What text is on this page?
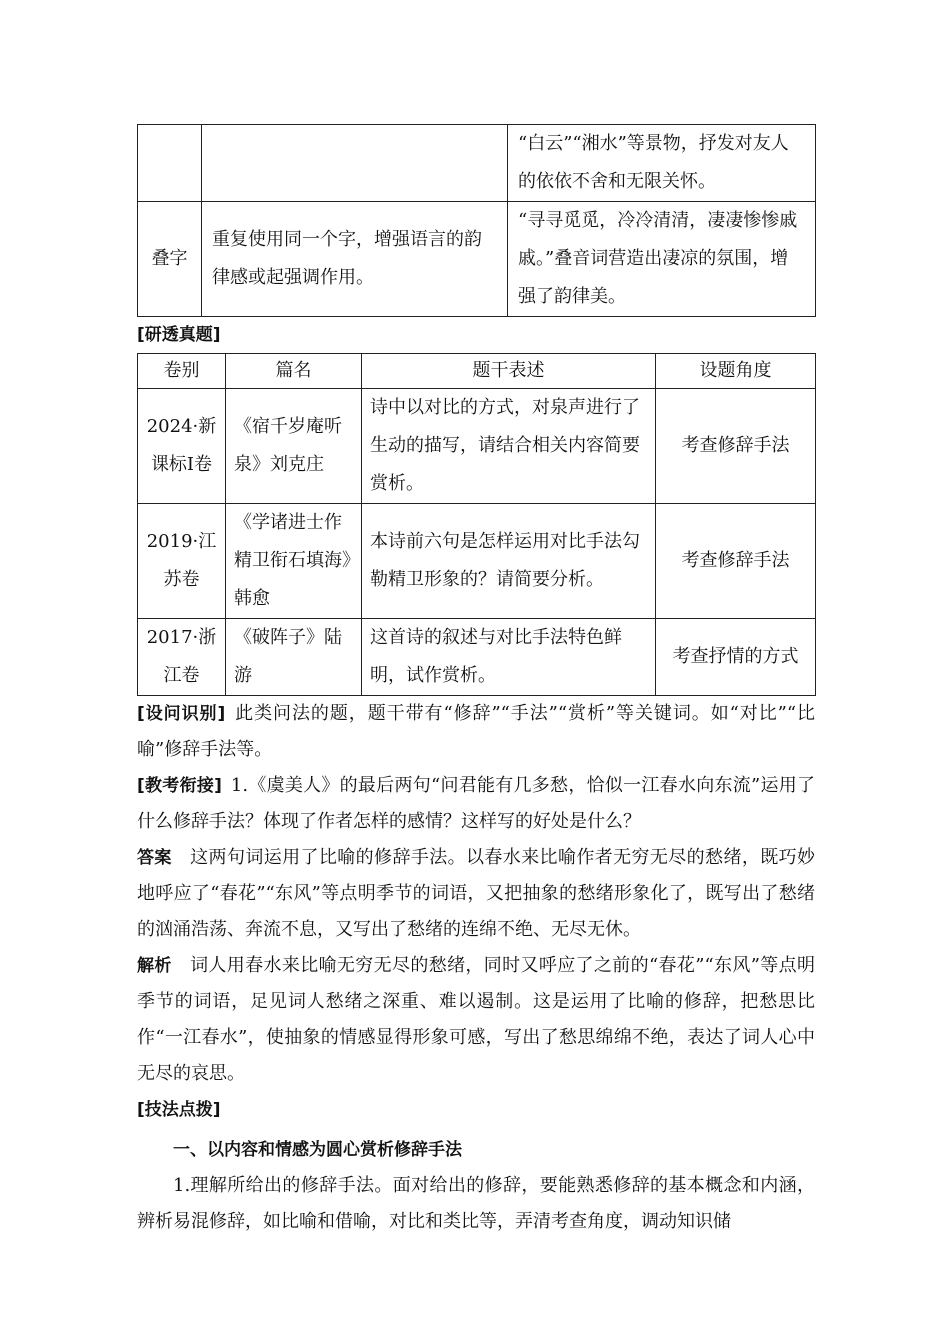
		“白云”“湘水”等景物，抒发对友人的依依不舍和无限关怀。
叠字	重复使用同一个字，增强语言的韵律感或起强调作用。	“寻寻觅觅，冷冷清清，凄凄惨惨戚戚。”叠音词营造出凄凉的氛围，增强了韵律美。
[研透真题]
卷别	篇名	题干表述	设题角度
2024·新课标Ⅰ卷	《宿千岁庵听泉》刘克庄	诗中以对比的方式，对泉声进行了生动的描写，请结合相关内容简要赏析。	考查修辞手法
2019·江苏卷	《学诸进士作精卫衔石填海》韩愈	本诗前六句是怎样运用对比手法勾勒精卫形象的？请简要分析。	考查修辞手法
2017·浙江卷	《破阵子》陆游	这首诗的叙述与对比手法特色鲜明，试作赏析。	考查抒情的方式

[设问识别]  此类问法的题，题干带有“修辞”“手法”“赏析”等关键词。如“对比”“比喻”修辞手法等。

[教考衔接]  1.《虞美人》的最后两句“问君能有几多愁，恰似一江春水向东流”运用了什么修辞手法？体现了作者怎样的感情？这样写的好处是什么？

答案  这两句词运用了比喻的修辞手法。以春水来比喻作者无穷无尽的愁绪，既巧妙地呼应了“春花”“东风”等点明季节的词语，又把抽象的愁绪形象化了，既写出了愁绪的汹涌浩荡、奔流不息，又写出了愁绪的连绵不绝、无尽无休。

解析  词人用春水来比喻无穷无尽的愁绪，同时又呼应了之前的“春花”“东风”等点明季节的词语，足见词人愁绪之深重、难以遏制。这是运用了比喻的修辞，把愁思比作“一江春水”，使抽象的情感显得形象可感，写出了愁思绵绵不绝，表达了词人心中无尽的哀思。

[技法点拨]
一、以内容和情感为圆心赏析修辞手法

1.理解所给出的修辞手法。面对给出的修辞，要能熟悉修辞的基本概念和内涵，辨析易混修辞，如比喻和借喻，对比和类比等，弄清考查角度，调动知识储
